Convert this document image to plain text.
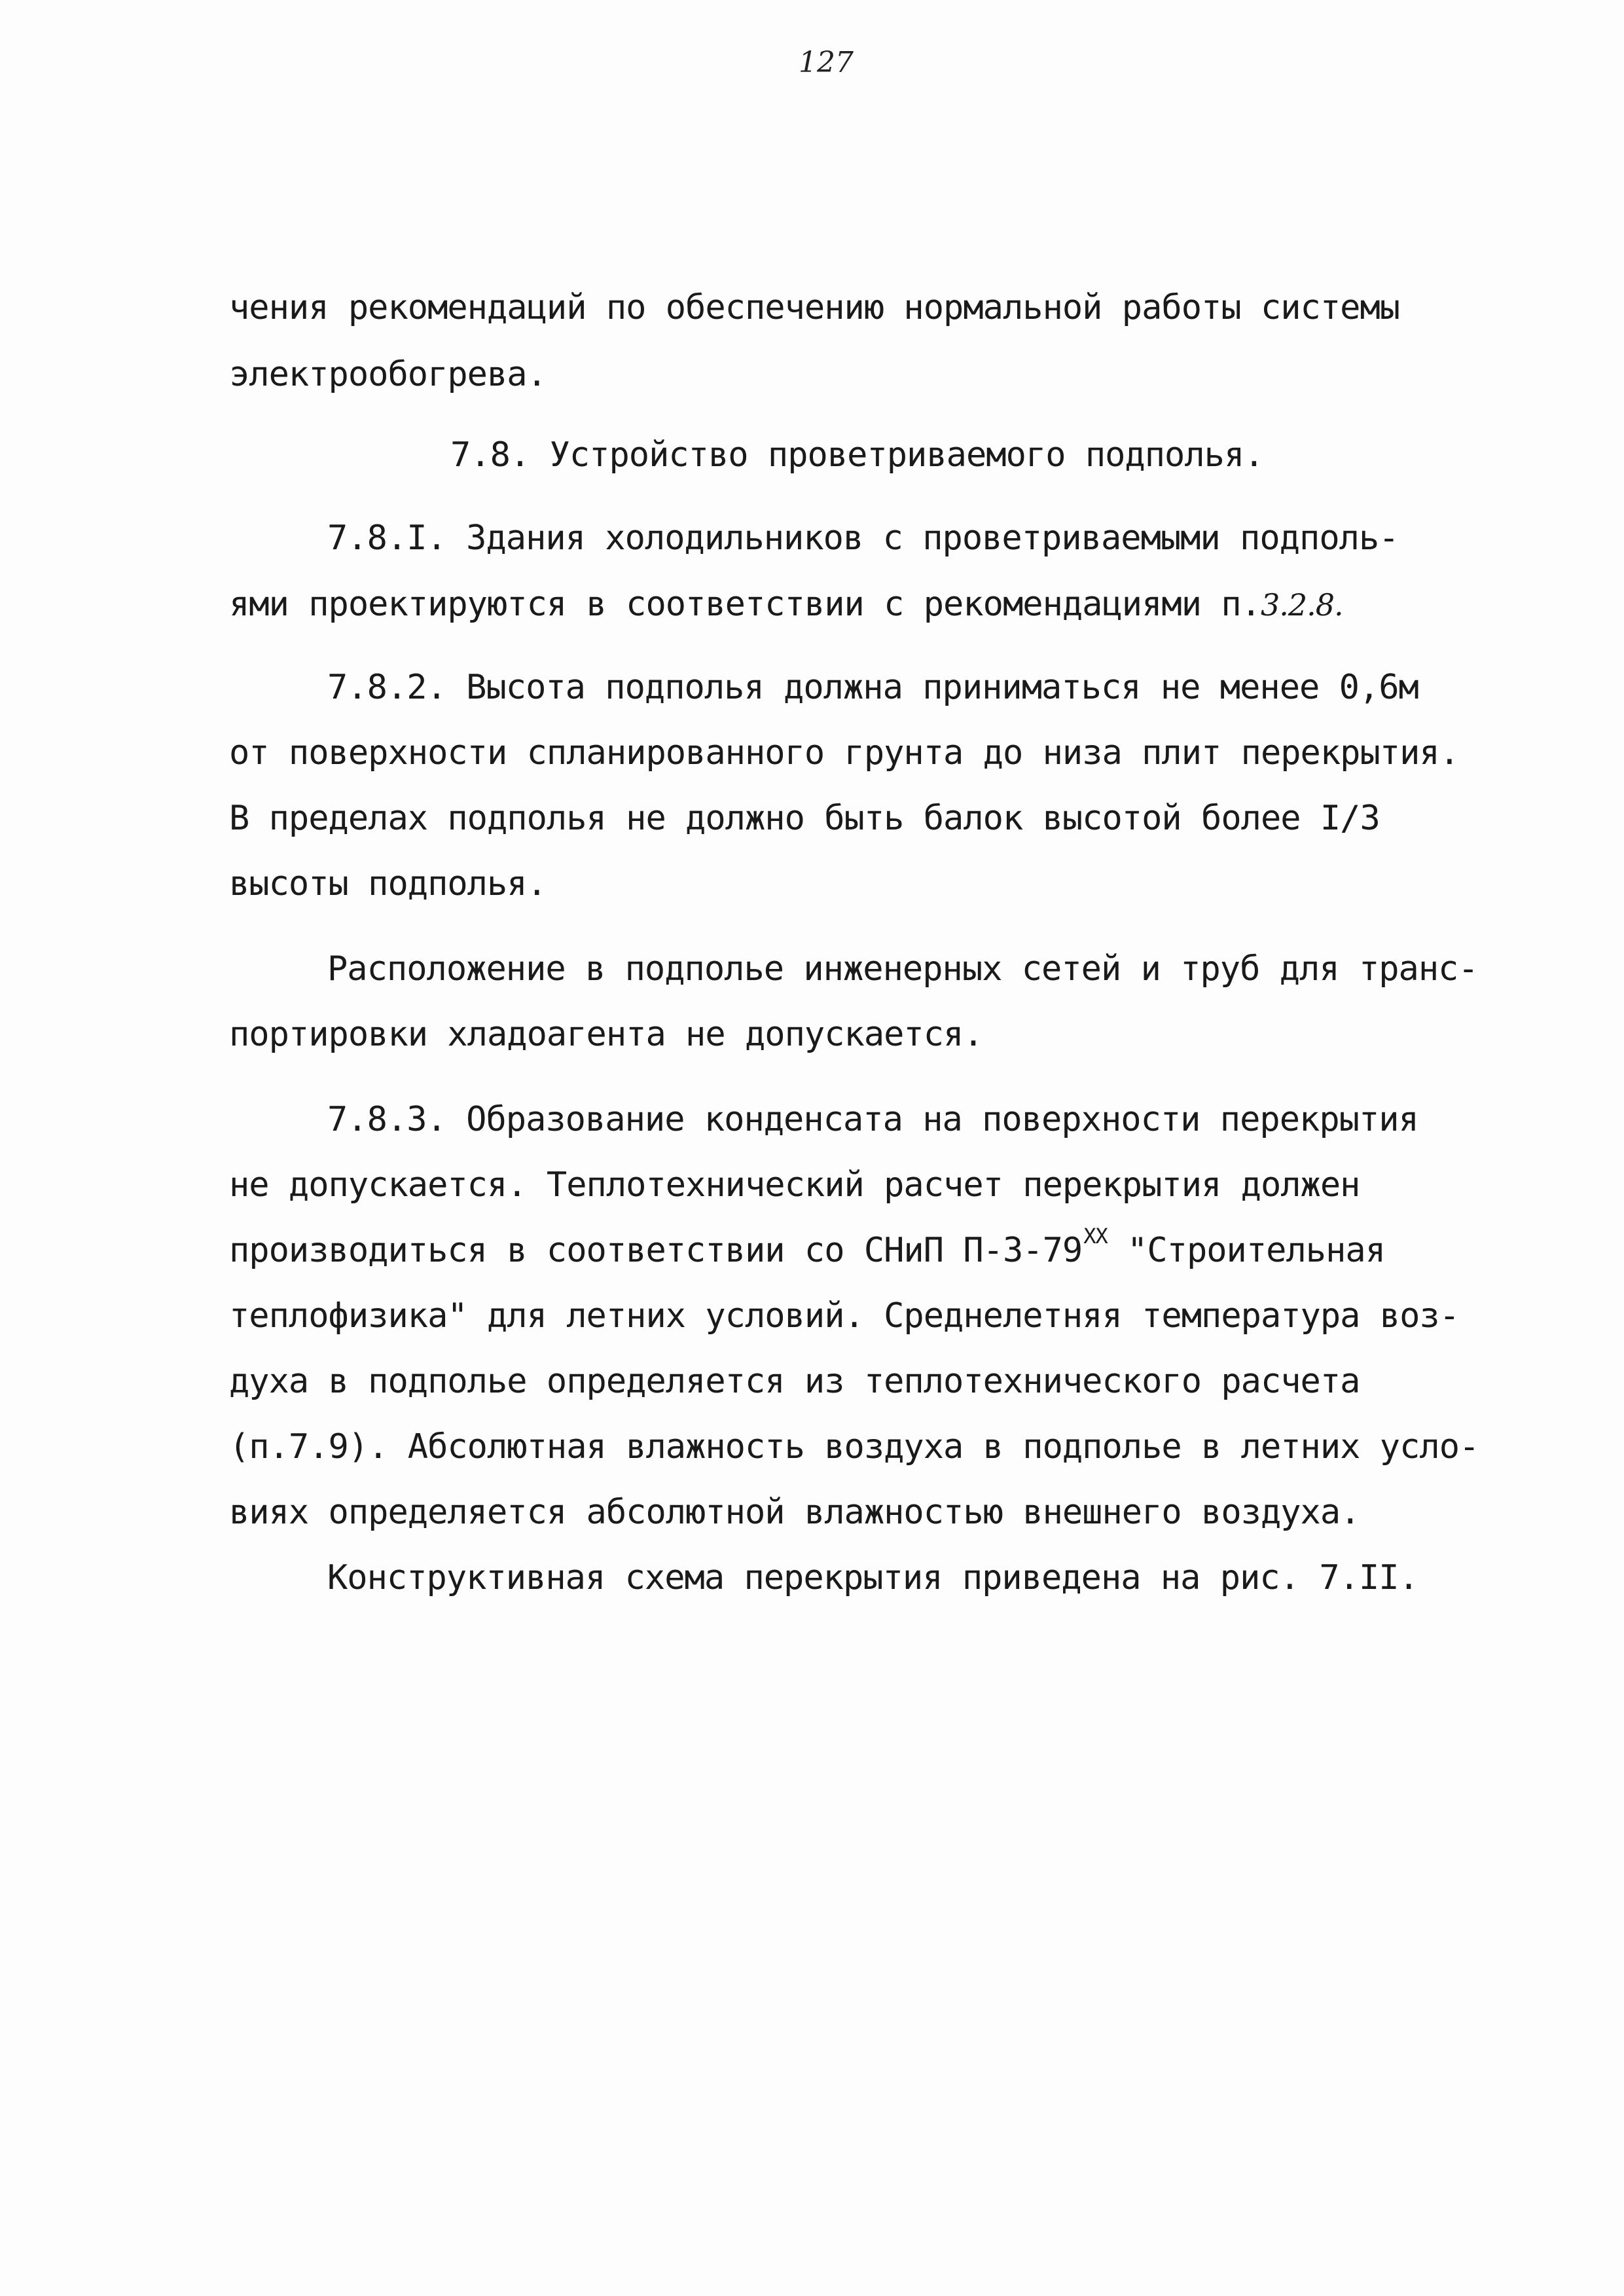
127
чения рекомендаций по обеспечению нормальной работы системы
электрообогрева.
7.8. Устройство проветриваемого подполья.
7.8.I. Здания холодильников с проветриваемыми подполь-
ями проектируются в соответствии с рекомендациями п.3.2.8.
7.8.2. Высота подполья должна приниматься не менее 0,6м
от поверхности спланированного грунта до низа плит перекрытия.
В пределах подполья не должно быть балок высотой более I/3
высоты подполья.
Расположение в подполье инженерных сетей и труб для транс-
портировки хладоагента не допускается.
7.8.3. Образование конденсата на поверхности перекрытия
не допускается. Теплотехнический расчет перекрытия должен
производиться в соответствии со СНиП $П-3-79^{XX}$ "Строительная
теплофизика" для летних условий. Среднелетняя температура воз-
духа в подполье определяется из теплотехнического расчета
(п.7.9). Абсолютная влажность воздуха в подполье в летних усло-
виях определяется абсолютной влажностью внешнего воздуха.
Конструктивная схема перекрытия приведена на рис. 7.II.
